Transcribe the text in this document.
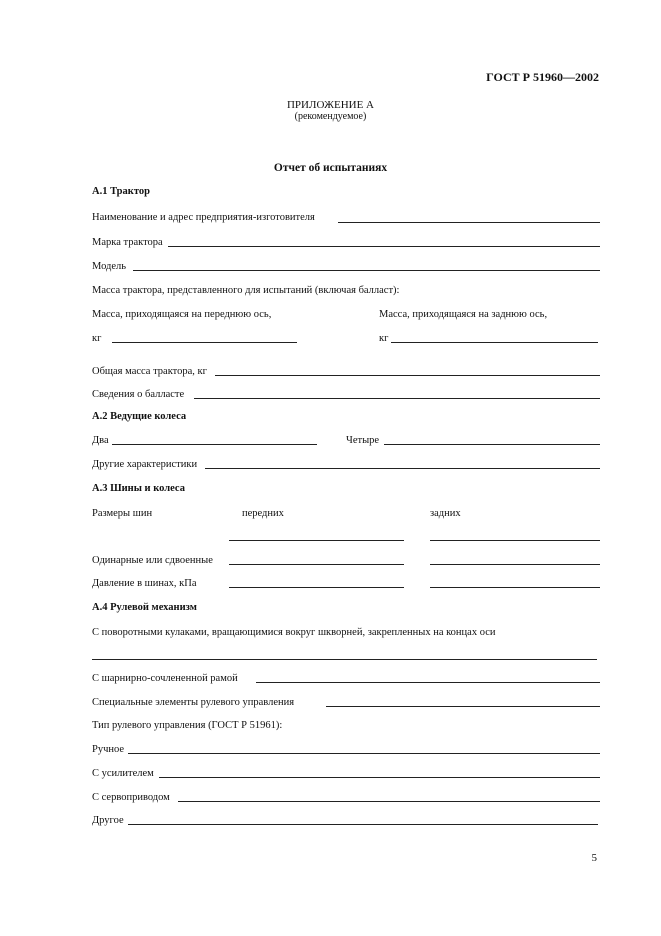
ГОСТ Р 51960—2002
ПРИЛОЖЕНИЕ А
(рекомендуемое)
Отчет об испытаниях
А.1 Трактор
Наименование и адрес предприятия-изготовителя
Марка трактора
Модель
Масса трактора, представленного для испытаний (включая балласт):
Масса, приходящаяся на переднюю ось,	Масса, приходящаяся на заднюю ось,
кг	кг
Общая масса трактора, кг
Сведения о балласте
А.2 Ведущие колеса
Два	Четыре
Другие характеристики
А.3 Шины и колеса
Размеры шин	передних	задних
Одинарные или сдвоенные
Давление в шинах, кПа
А.4 Рулевой механизм
С поворотными кулаками, вращающимися вокруг шкворней, закрепленных на концах оси
С шарнирно-сочлененной рамой
Специальные элементы рулевого управления
Тип рулевого управления (ГОСТ Р 51961):
Ручное
С усилителем
С сервоприводом
Другое
5
